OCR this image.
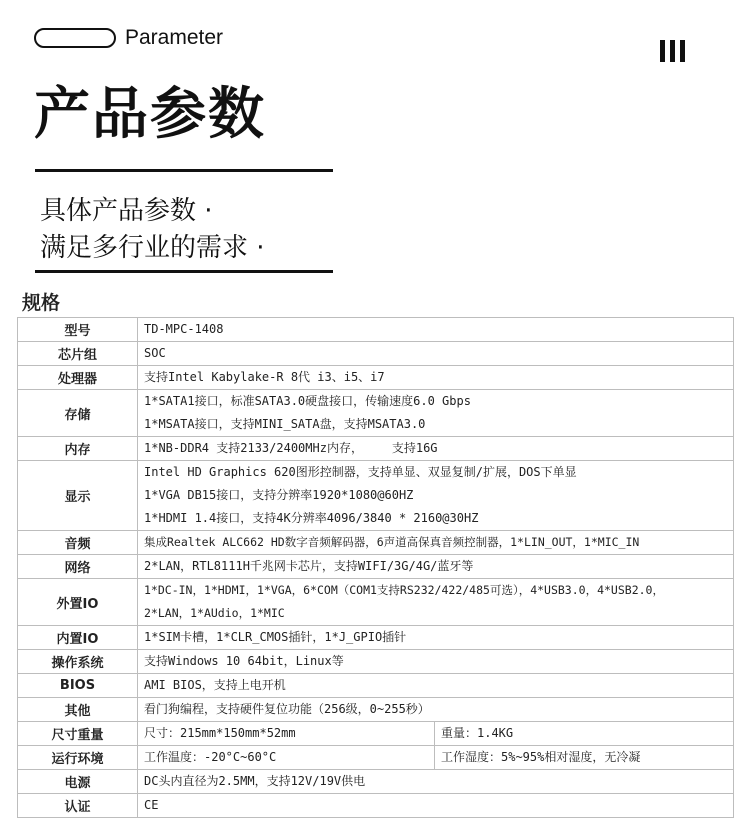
Parameter
产品参数
具体产品参数 ·
满足多行业的需求 ·
规格
型号	TD-MPC-1408	
芯片组	SOC	
处理器	支持Intel Kabylake-R 8代 i3、i5、i7	
存储	1*SATA1接口，标准SATA3.0硬盘接口，传输速度6.0 Gbps
1*MSATA接口，支持MINI_SATA盘，支持MSATA3.0	

内存	1*NB-DDR4 支持2133/2400MHz内存，    支持16G	
显示	Intel HD Graphics 620图形控制器，支持单显、双显复制/扩展，DOS下单显
1*VGA DB15接口，支持分辨率1920*1080@60HZ
1*HDMI 1.4接口，支持4K分辨率4096/3840 * 2160@30HZ	

音频	集成Realtek ALC662 HD数字音频解码器，6声道高保真音频控制器，1*LIN_OUT，1*MIC_IN	
网络	2*LAN，RTL8111H千兆网卡芯片，支持WIFI/3G/4G/蓝牙等	
外置IO	1*DC-IN，1*HDMI，1*VGA，6*COM（COM1支持RS232/422/485可选），4*USB3.0，4*USB2.0，
2*LAN，1*AUdio，1*MIC	

内置IO	1*SIM卡槽，1*CLR_CMOS插针，1*J_GPIO插针	
操作系统	支持Windows 10 64bit，Linux等	
BIOS	AMI BIOS，支持上电开机	
其他	看门狗编程，支持硬件复位功能（256级，0~255秒）	
尺寸重量	尺寸：215mm*150mm*52mm	重量：1.4KG
运行环境	工作温度：-20°C~60°C	工作湿度：5%~95%相对湿度，无冷凝
电源	DC头内直径为2.5MM，支持12V/19V供电	
认证	CE	
